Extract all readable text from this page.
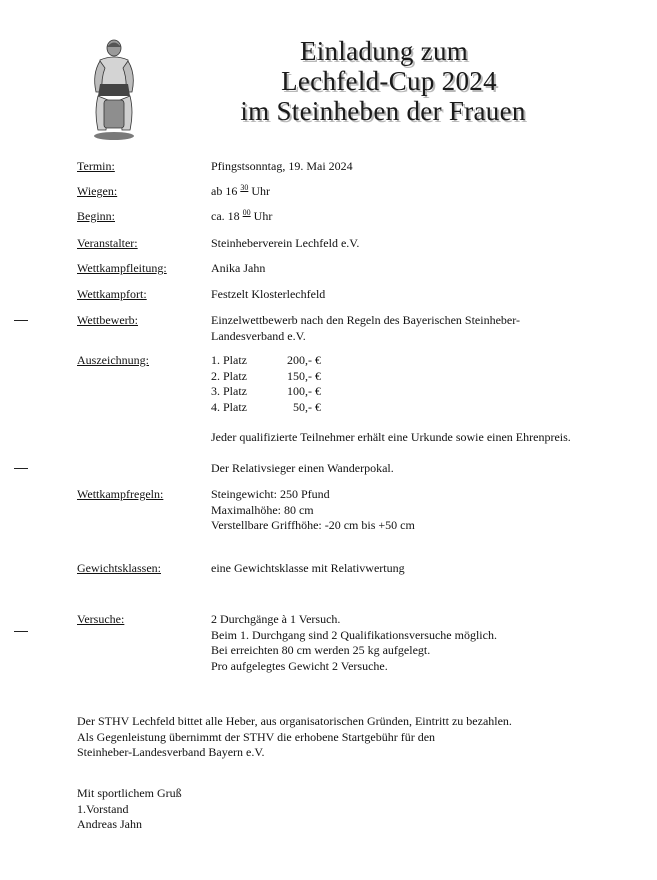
Einladung zum
Lechfeld-Cup 2024
im Steinheben der Frauen
Termin:	Pfingstsonntag, 19. Mai 2024
Wiegen:	ab 16 $^{30}$ Uhr
Beginn:	ca. 18 $^{00}$ Uhr
Veranstalter:	Steinheberverein Lechfeld e.V.
Wettkampfleitung:	Anika Jahn
Wettkampfort:	Festzelt Klosterlechfeld
Wettbewerb:	Einzelwettbewerb nach den Regeln des Bayerischen Steinheber-Landesverband e.V.
Auszeichnung:	1. Platz	200,- €
2. Platz	150,- €
3. Platz	100,- €
4. Platz	50,- €
Jeder qualifizierte Teilnehmer erhält eine Urkunde sowie einen Ehrenpreis.
Der Relativsieger einen Wanderpokal.
Wettkampfregeln:	Steingewicht: 250 Pfund
Maximalhöhe: 80 cm
Verstellbare Griffhöhe: -20 cm bis +50 cm
Gewichtsklassen:	eine Gewichtsklasse mit Relativwertung
Versuche:	2 Durchgänge à 1 Versuch.
Beim 1. Durchgang sind 2 Qualifikationsversuche möglich.
Bei erreichten 80 cm werden 25 kg aufgelegt.
Pro aufgelegtes Gewicht 2 Versuche.
Der STHV Lechfeld bittet alle Heber, aus organisatorischen Gründen, Eintritt zu bezahlen.
Als Gegenleistung übernimmt der STHV die erhobene Startgebühr für den
Steinheber-Landesverband Bayern e.V.
Mit sportlichem Gruß
1.Vorstand
Andreas Jahn
